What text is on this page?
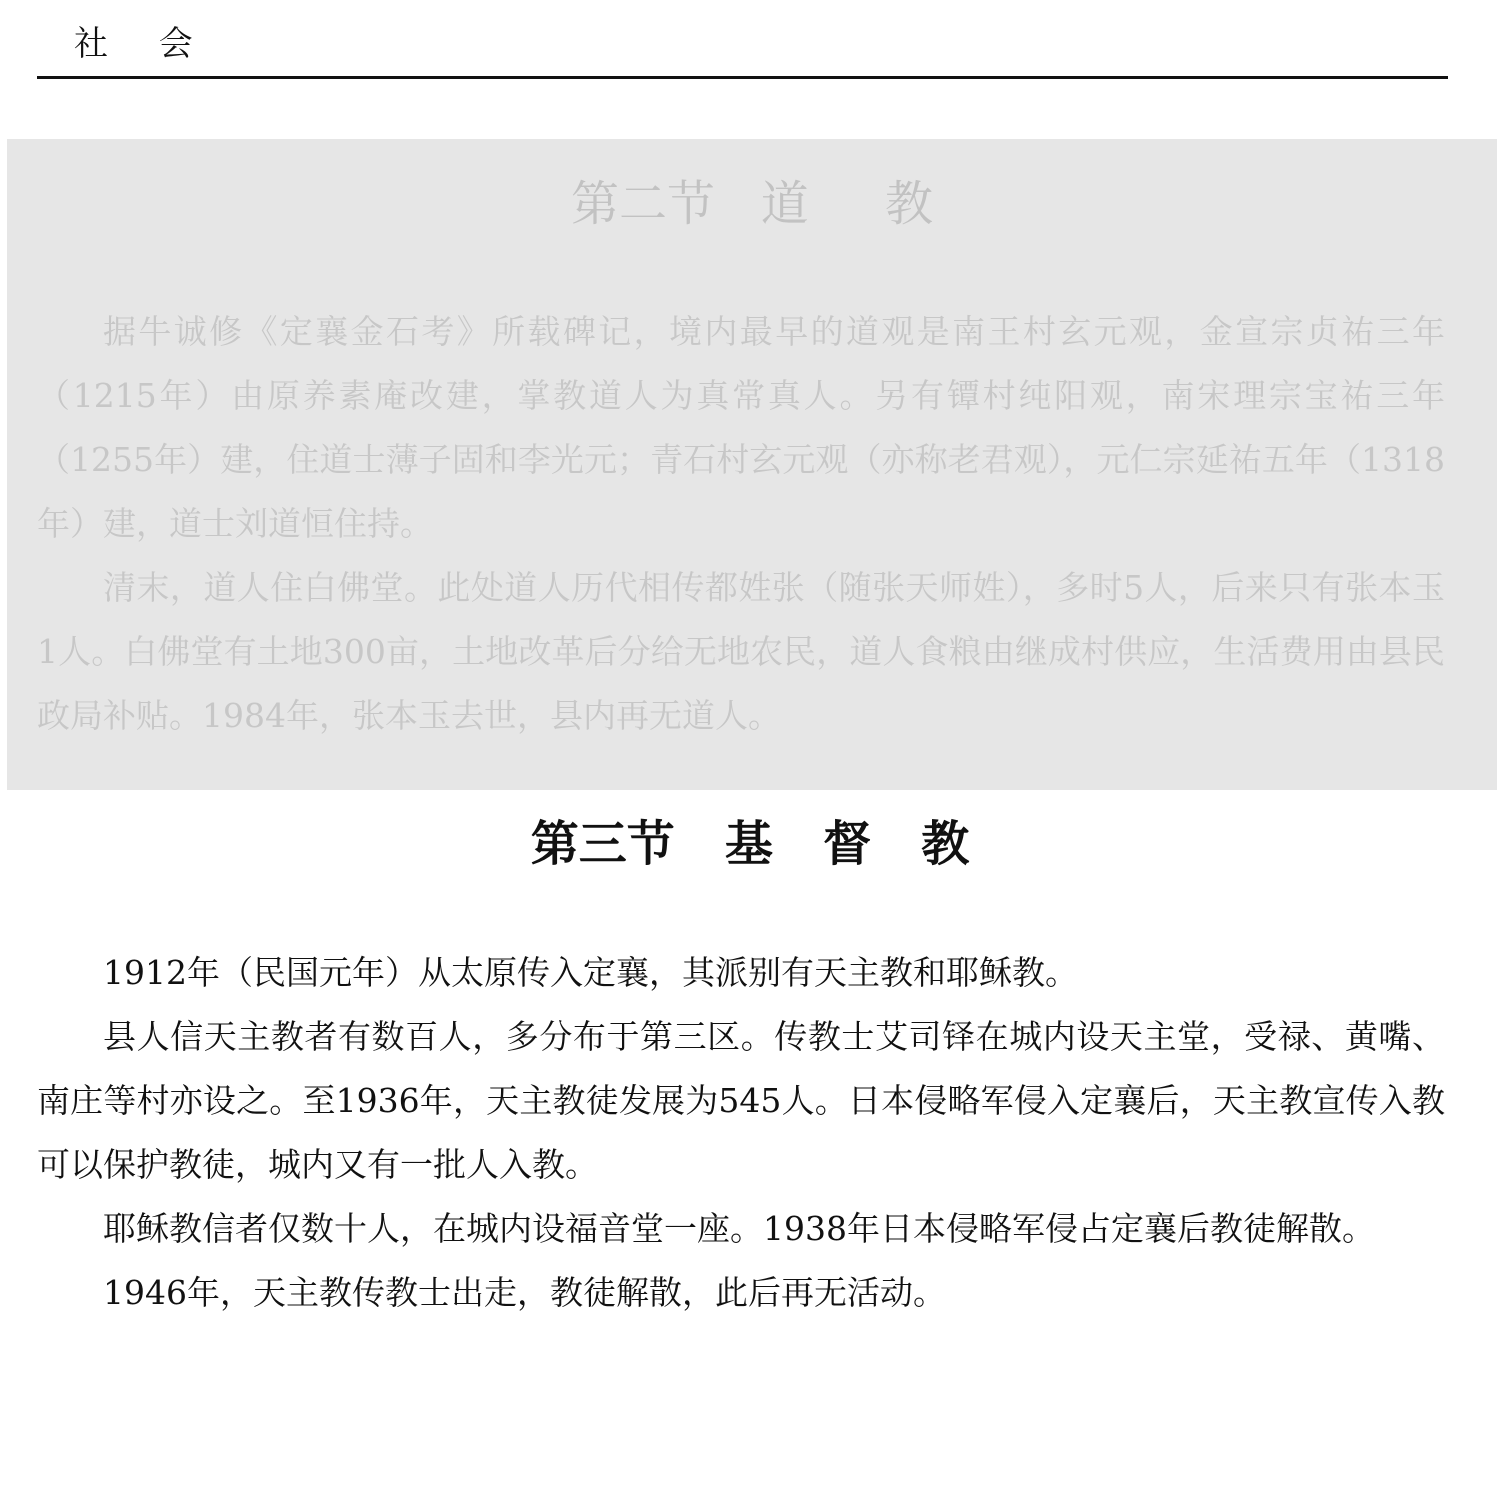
社 会
第二节   道     教

据牛诚修《定襄金石考》所载碑记，境内最早的道观是南王村玄元观，金宣宗贞祐三年（1215年）由原养素庵改建，掌教道人为真常真人。另有镡村纯阳观，南宋理宗宝祐三年（1255年）建，住道士薄子固和李光元；青石村玄元观（亦称老君观），元仁宗延祐五年（1318年）建，道士刘道恒住持。

清末，道人住白佛堂。此处道人历代相传都姓张（随张天师姓），多时5人，后来只有张本玉1人。白佛堂有土地300亩，土地改革后分给无地农民，道人食粮由继成村供应，生活费用由县民政局补贴。1984年，张本玉去世，县内再无道人。

第三节   基   督   教

1912年（民国元年）从太原传入定襄，其派别有天主教和耶稣教。

县人信天主教者有数百人，多分布于第三区。传教士艾司铎在城内设天主堂，受禄、黄嘴、南庄等村亦设之。至1936年，天主教徒发展为545人。日本侵略军侵入定襄后，天主教宣传入教可以保护教徒，城内又有一批人入教。

耶稣教信者仅数十人，在城内设福音堂一座。1938年日本侵略军侵占定襄后教徒解散。

1946年，天主教传教士出走，教徒解散，此后再无活动。
